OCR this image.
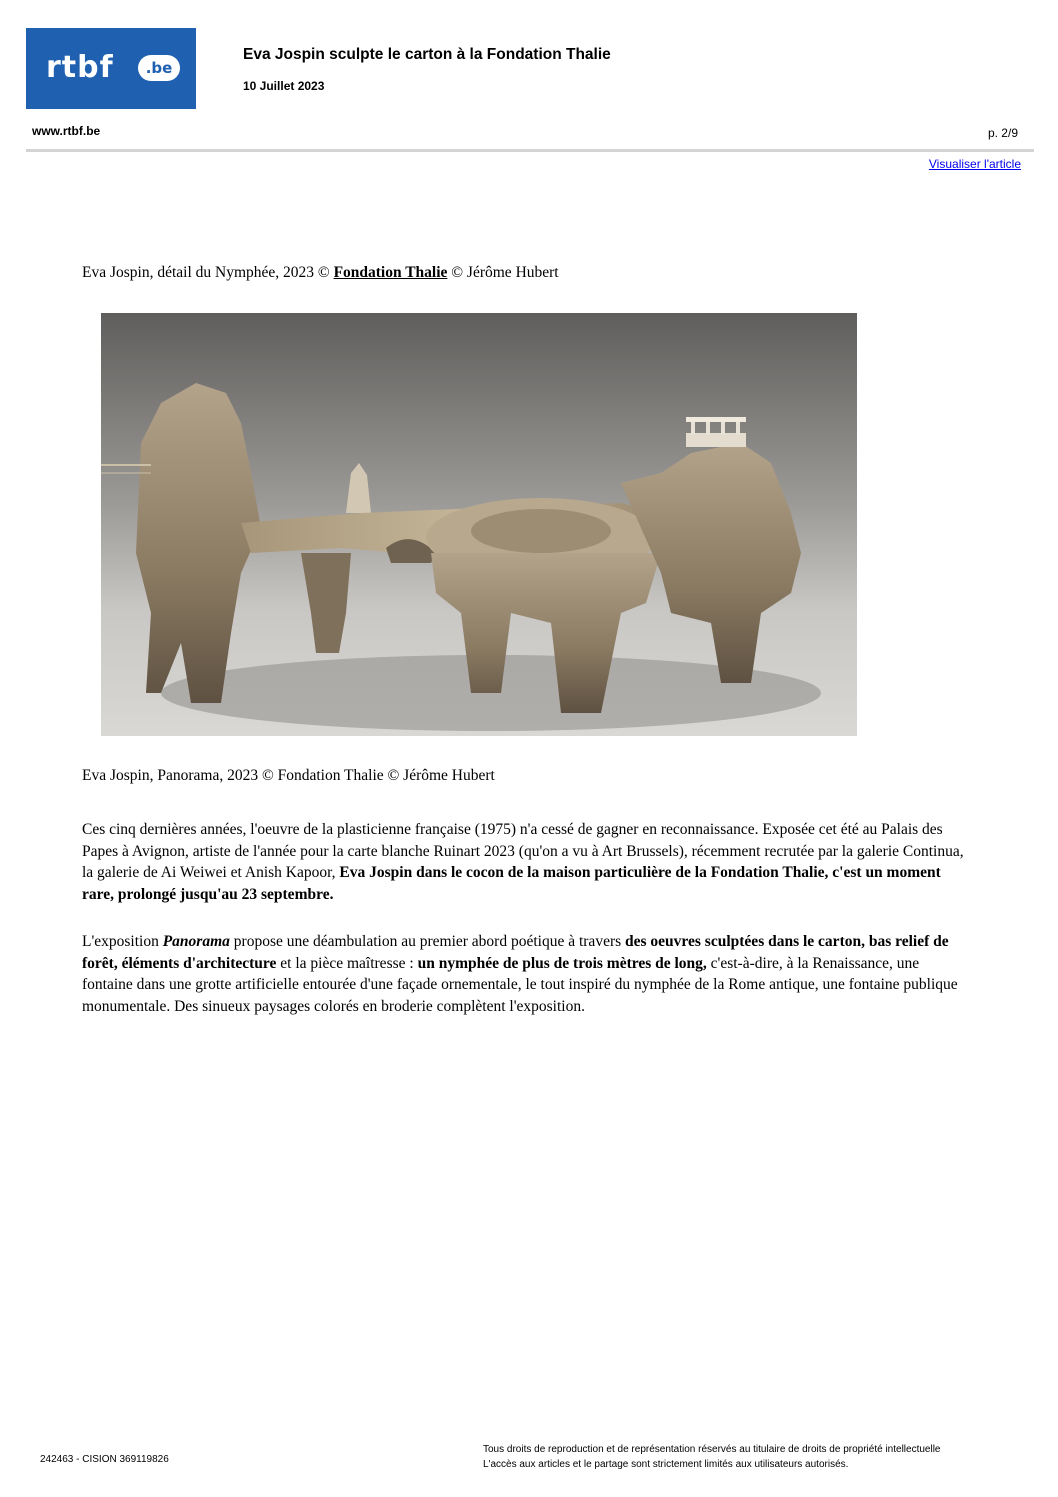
rtbf	.be
Eva Jospin sculpte le carton à la Fondation Thalie
10 Juillet 2023
www.rtbf.be	p. 2/9
Visualiser l'article
Eva Jospin, détail du Nymphée, 2023 © Fondation Thalie © Jérôme Hubert
Eva Jospin, Panorama, 2023 © Fondation Thalie © Jérôme Hubert

Ces cinq dernières années, l'oeuvre de la plasticienne française (1975) n'a cessé de gagner en reconnaissance. Exposée cet été au Palais des Papes à Avignon, artiste de l'année pour la carte blanche Ruinart 2023 (qu'on a vu à Art Brussels), récemment recrutée par la galerie Continua, la galerie de Ai Weiwei et Anish Kapoor, Eva Jospin dans le cocon de la maison particulière de la Fondation Thalie, c'est un moment rare, prolongé jusqu'au 23 septembre.

L'exposition Panorama propose une déambulation au premier abord poétique à travers des oeuvres sculptées dans le carton, bas relief de forêt, éléments d'architecture et la pièce maîtresse : un nymphée de plus de trois mètres de long, c'est-à-dire, à la Renaissance, une fontaine dans une grotte artificielle entourée d'une façade ornementale, le tout inspiré du nymphée de la Rome antique, une fontaine publique monumentale. Des sinueux paysages colorés en broderie complètent l'exposition.

242463 - CISION 369119826
Tous droits de reproduction et de représentation réservés au titulaire de droits de propriété intellectuelle
L'accès aux articles et le partage sont strictement limités aux utilisateurs autorisés.
